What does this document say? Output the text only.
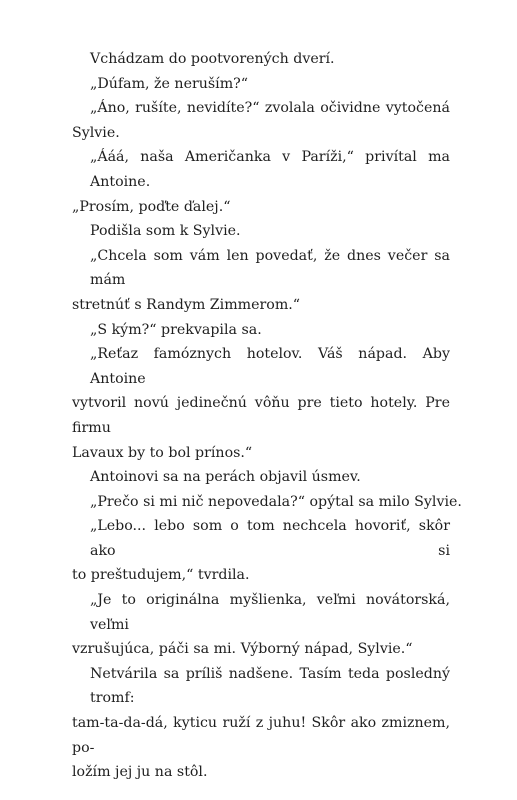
Vchádzam do pootvorených dverí.

„Dúfam, že neruším?“

„Áno, rušíte, nevidíte?“ zvolala očividne vytočená
Sylvie.

„Ááá, naša Američanka v Paríži,“ privítal ma Antoine.
„Prosím, poďte ďalej.“

Podišla som k Sylvie.

„Chcela som vám len povedať, že dnes večer sa mám
stretnúť s Randym Zimmerom.“

„S kým?“ prekvapila sa.

„Reťaz famóznych hotelov. Váš nápad. Aby Antoine
vytvoril novú jedinečnú vôňu pre tieto hotely. Pre firmu
Lavaux by to bol prínos.“

Antoinovi sa na perách objavil úsmev.

„Prečo si mi nič nepovedala?“ opýtal sa milo Sylvie.

„Lebo... lebo som o tom nechcela hovoriť, skôr ako si
to preštudujem,“ tvrdila.

„Je to originálna myšlienka, veľmi novátorská, veľmi
vzrušujúca, páči sa mi. Výborný nápad, Sylvie.“

Netvárila sa príliš nadšene. Tasím teda posledný tromf:
tam-ta-da-dá, kyticu ruží z juhu! Skôr ako zmiznem, po-
ložím jej ju na stôl.
